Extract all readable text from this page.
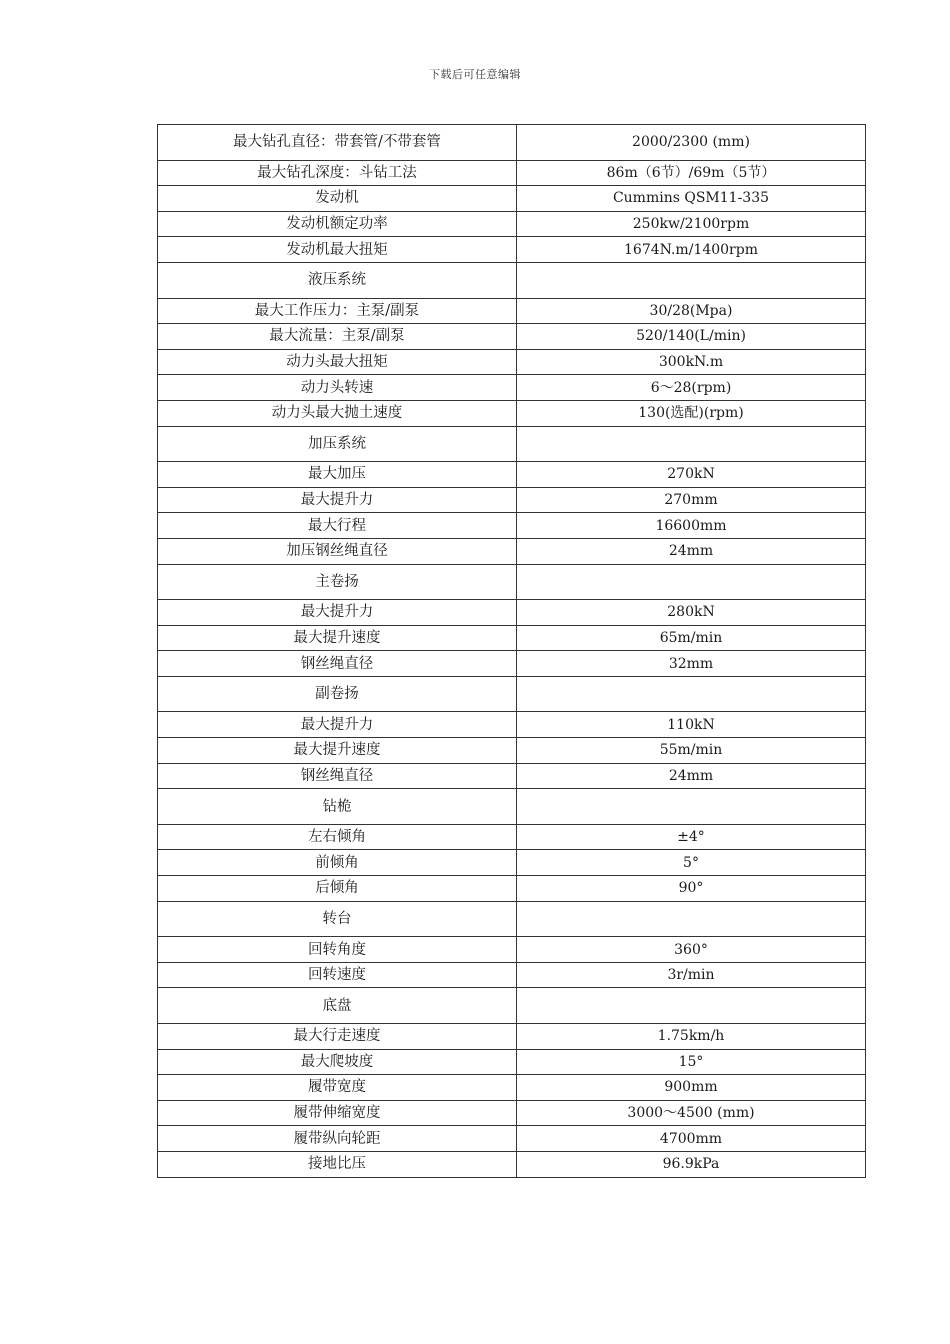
下载后可任意编辑
最大钻孔直径：带套管/不带套管	2000/2300 (mm)
最大钻孔深度：斗钻工法	86m（6节）/69m（5节）
发动机	Cummins QSM11-335
发动机额定功率	250kw/2100rpm
发动机最大扭矩	1674N.m/1400rpm
液压系统	
最大工作压力：主泵/副泵	30/28(Mpa)
最大流量：主泵/副泵	520/140(L/min)
动力头最大扭矩	300kN.m
动力头转速	6～28(rpm)
动力头最大抛土速度	130(选配)(rpm)
加压系统	
最大加压	270kN
最大提升力	270mm
最大行程	16600mm
加压钢丝绳直径	24mm
主卷扬	
最大提升力	280kN
最大提升速度	65m/min
钢丝绳直径	32mm
副卷扬	
最大提升力	110kN
最大提升速度	55m/min
钢丝绳直径	24mm
钻桅	
左右倾角	±4°
前倾角	5°
后倾角	90°
转台	
回转角度	360°
回转速度	3r/min
底盘	
最大行走速度	1.75km/h
最大爬坡度	15°
履带宽度	900mm
履带伸缩宽度	3000～4500 (mm)
履带纵向轮距	4700mm
接地比压	96.9kPa
